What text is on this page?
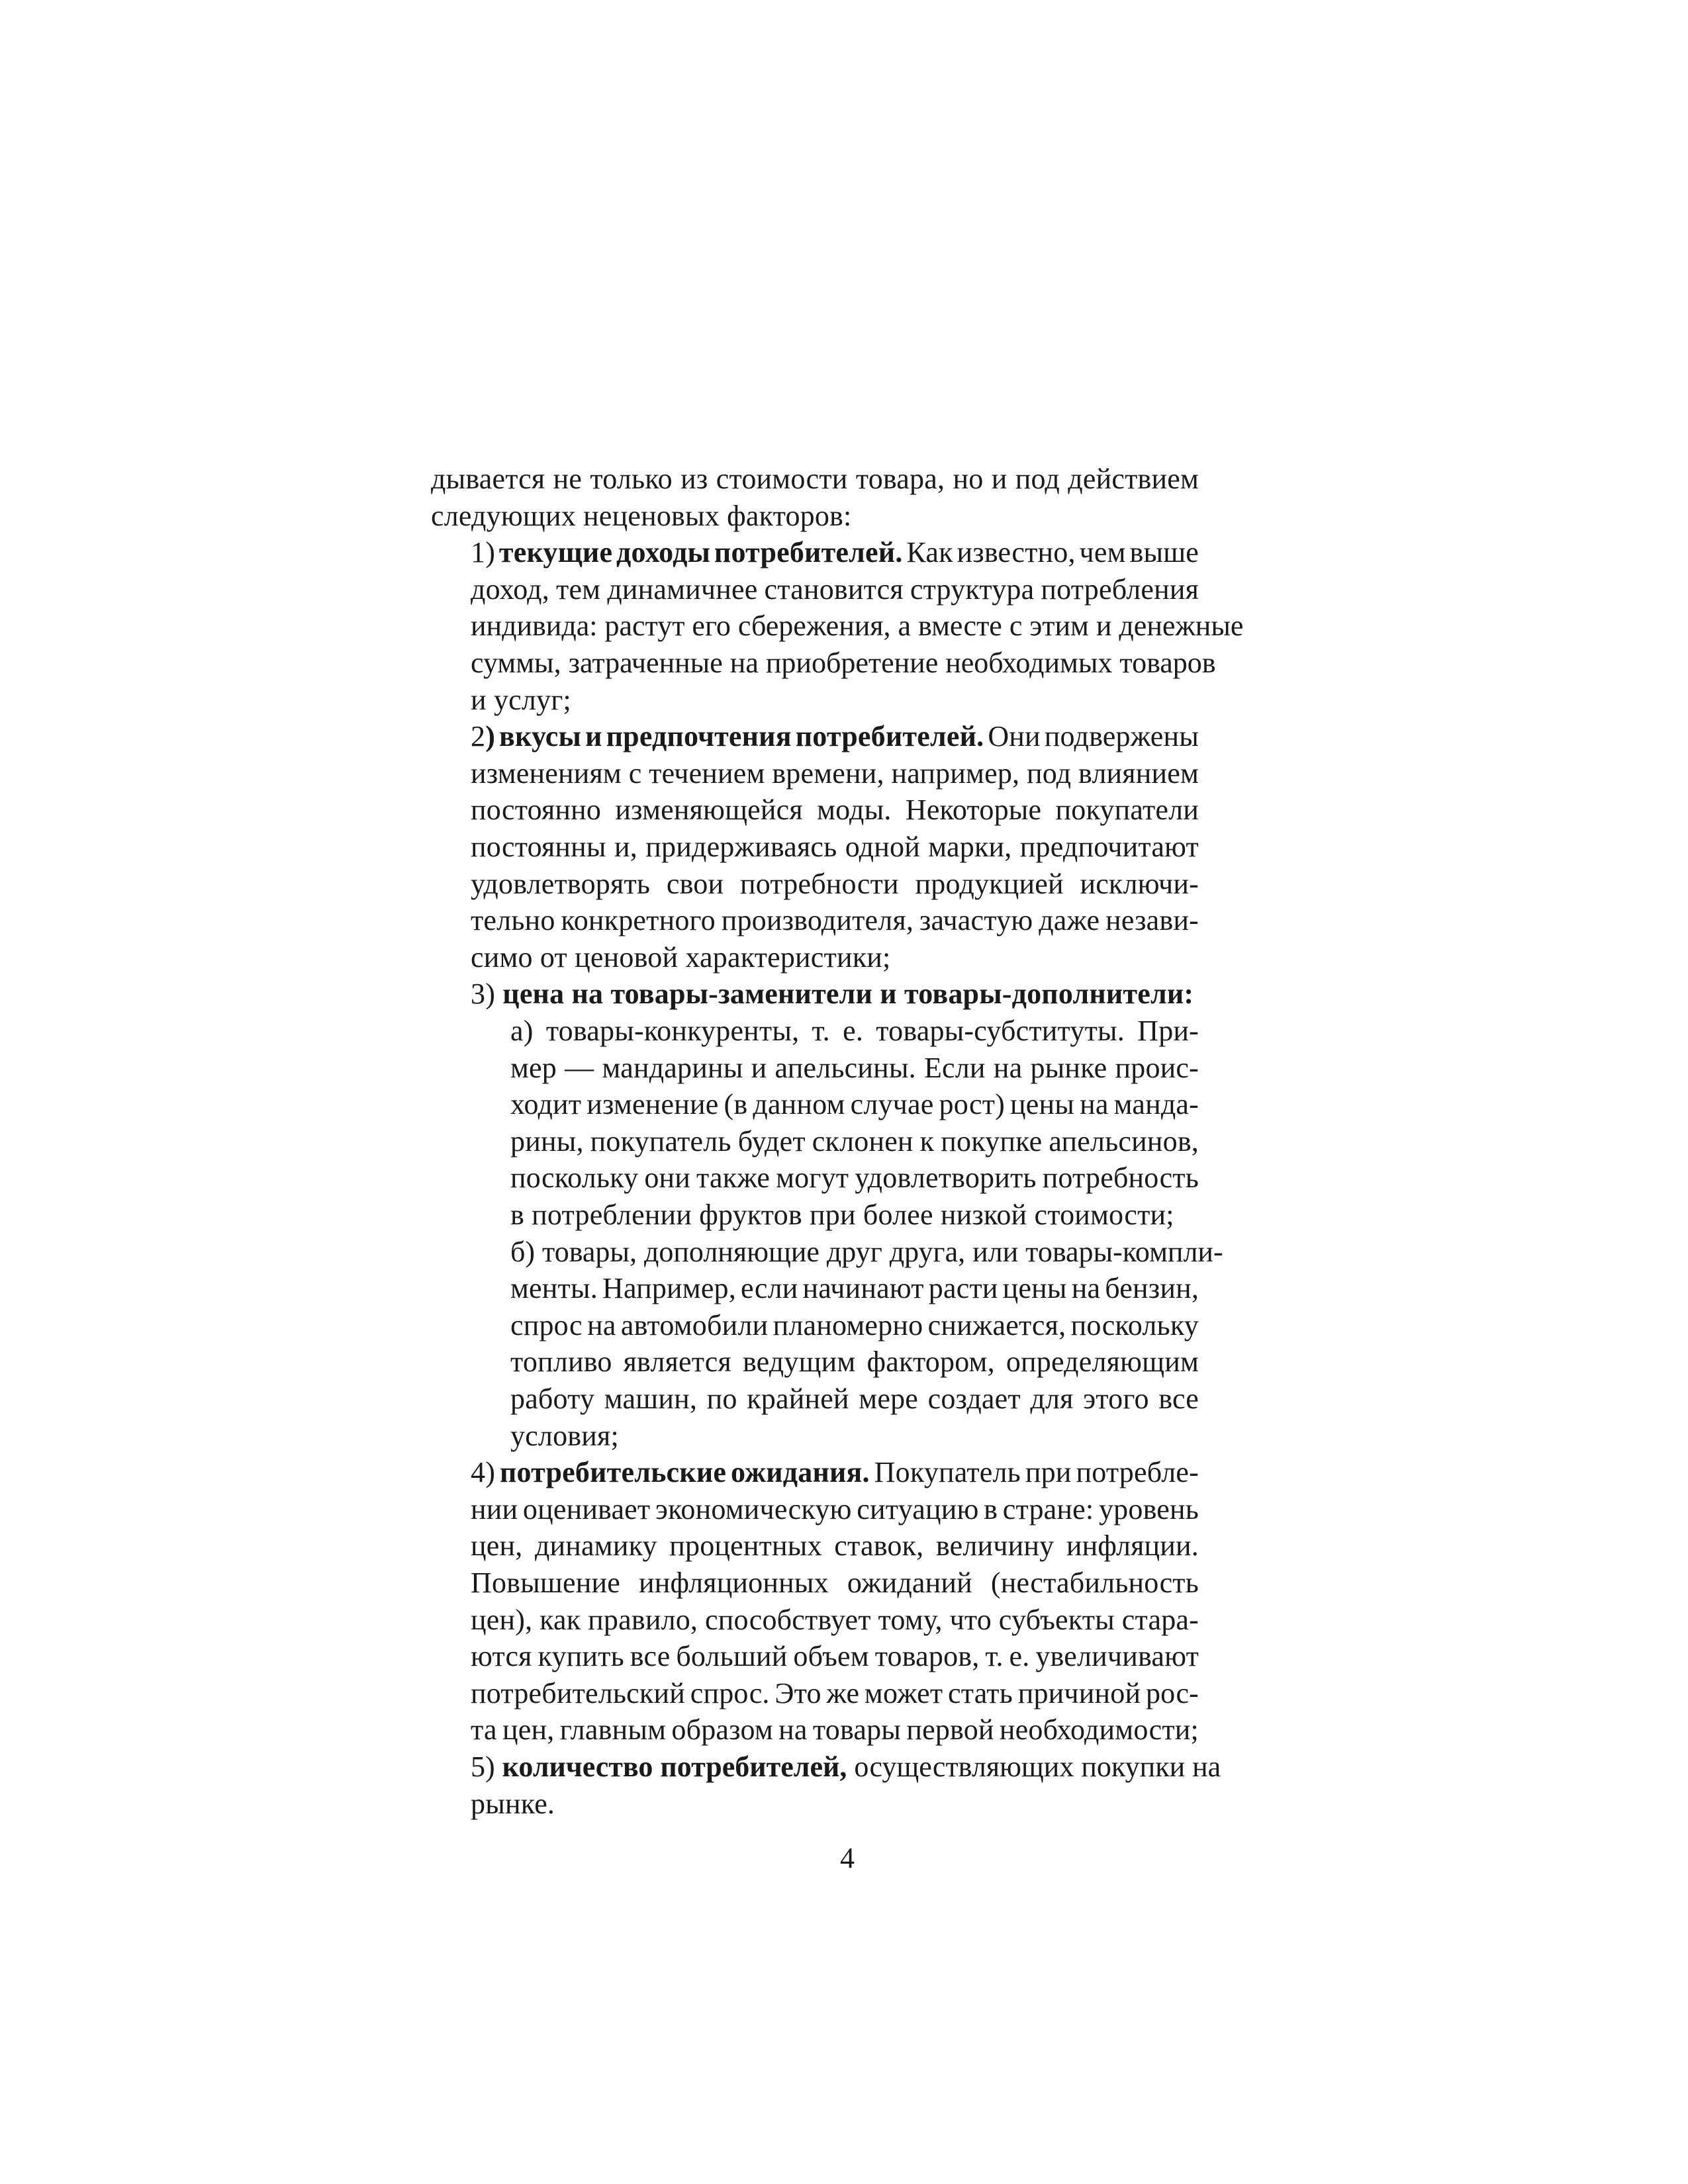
дывается не только из стоимости товара, но и под действием
следующих неценовых факторов:
1) текущие доходы потребителей. Как известно, чем выше
доход, тем динамичнее становится структура потребления
индивида: растут его сбережения, а вместе с этим и денежные
суммы, затраченные на приобретение необходимых товаров
и услуг;
2) вкусы и предпочтения потребителей. Они подвержены
изменениям с течением времени, например, под влиянием
постоянно изменяющейся моды. Некоторые покупатели
постоянны и, придерживаясь одной марки, предпочитают
удовлетворять свои потребности продукцией исключи-
тельно конкретного производителя, зачастую даже незави-
симо от ценовой характеристики;
3) цена на товары-заменители и товары-дополнители:
а) товары-конкуренты, т. е. товары-субституты. При-
мер — мандарины и апельсины. Если на рынке проис-
ходит изменение (в данном случае рост) цены на манда-
рины, покупатель будет склонен к покупке апельсинов,
поскольку они также могут удовлетворить потребность
в потреблении фруктов при более низкой стоимости;
б) товары, дополняющие друг друга, или товары-компли-
менты. Например, если начинают расти цены на бензин,
спрос на автомобили планомерно снижается, поскольку
топливо является ведущим фактором, определяющим
работу машин, по крайней мере создает для этого все
условия;
4) потребительские ожидания. Покупатель при потребле-
нии оценивает экономическую ситуацию в стране: уровень
цен, динамику процентных ставок, величину инфляции.
Повышение инфляционных ожиданий (нестабильность
цен), как правило, способствует тому, что субъекты стара-
ются купить все больший объем товаров, т. е. увеличивают
потребительский спрос. Это же может стать причиной рос-
та цен, главным образом на товары первой необходимости;
5) количество потребителей, осуществляющих покупки на
рынке.
4
